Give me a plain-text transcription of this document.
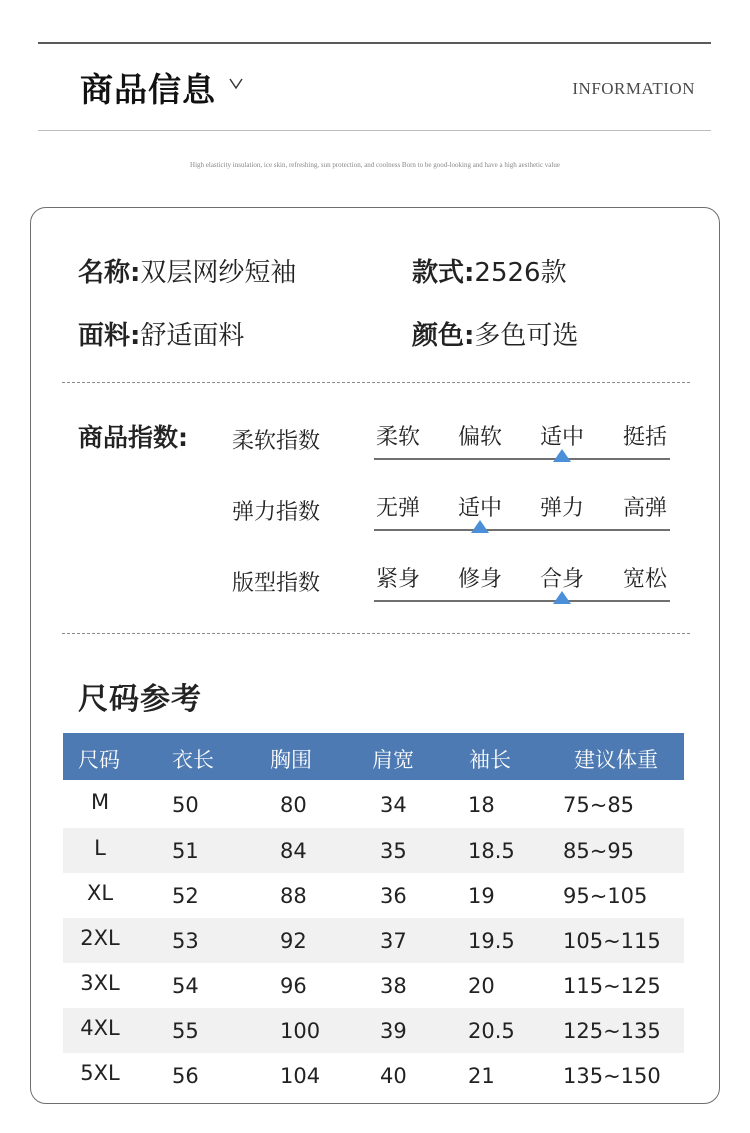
商品信息	INFORMATION
High elasticity insulation, ice skin, refreshing, sun protection, and coolness Born to be good-looking and have a high aesthetic value
名称:双层网纱短袖	款式:2526款
面料:舒适面料	颜色:多色可选
商品指数: 柔软指数	柔软	偏软	适中	挺括
弹力指数	无弹	适中	弹力	高弹
版型指数	紧身	修身	合身	宽松
尺码参考
尺码 衣长	胸围	肩宽	袖长	建议体重
M	50	80	34	18	75~85
L	51	84	35	18.5 85~95
XL	52	88	36	19	95~105
2XL	53	92	37	19.5 105~115
3XL	54	96	38	20	115~125
4XL	55	100	39	20.5 125~135
5XL	56	104	40	21	135~150
